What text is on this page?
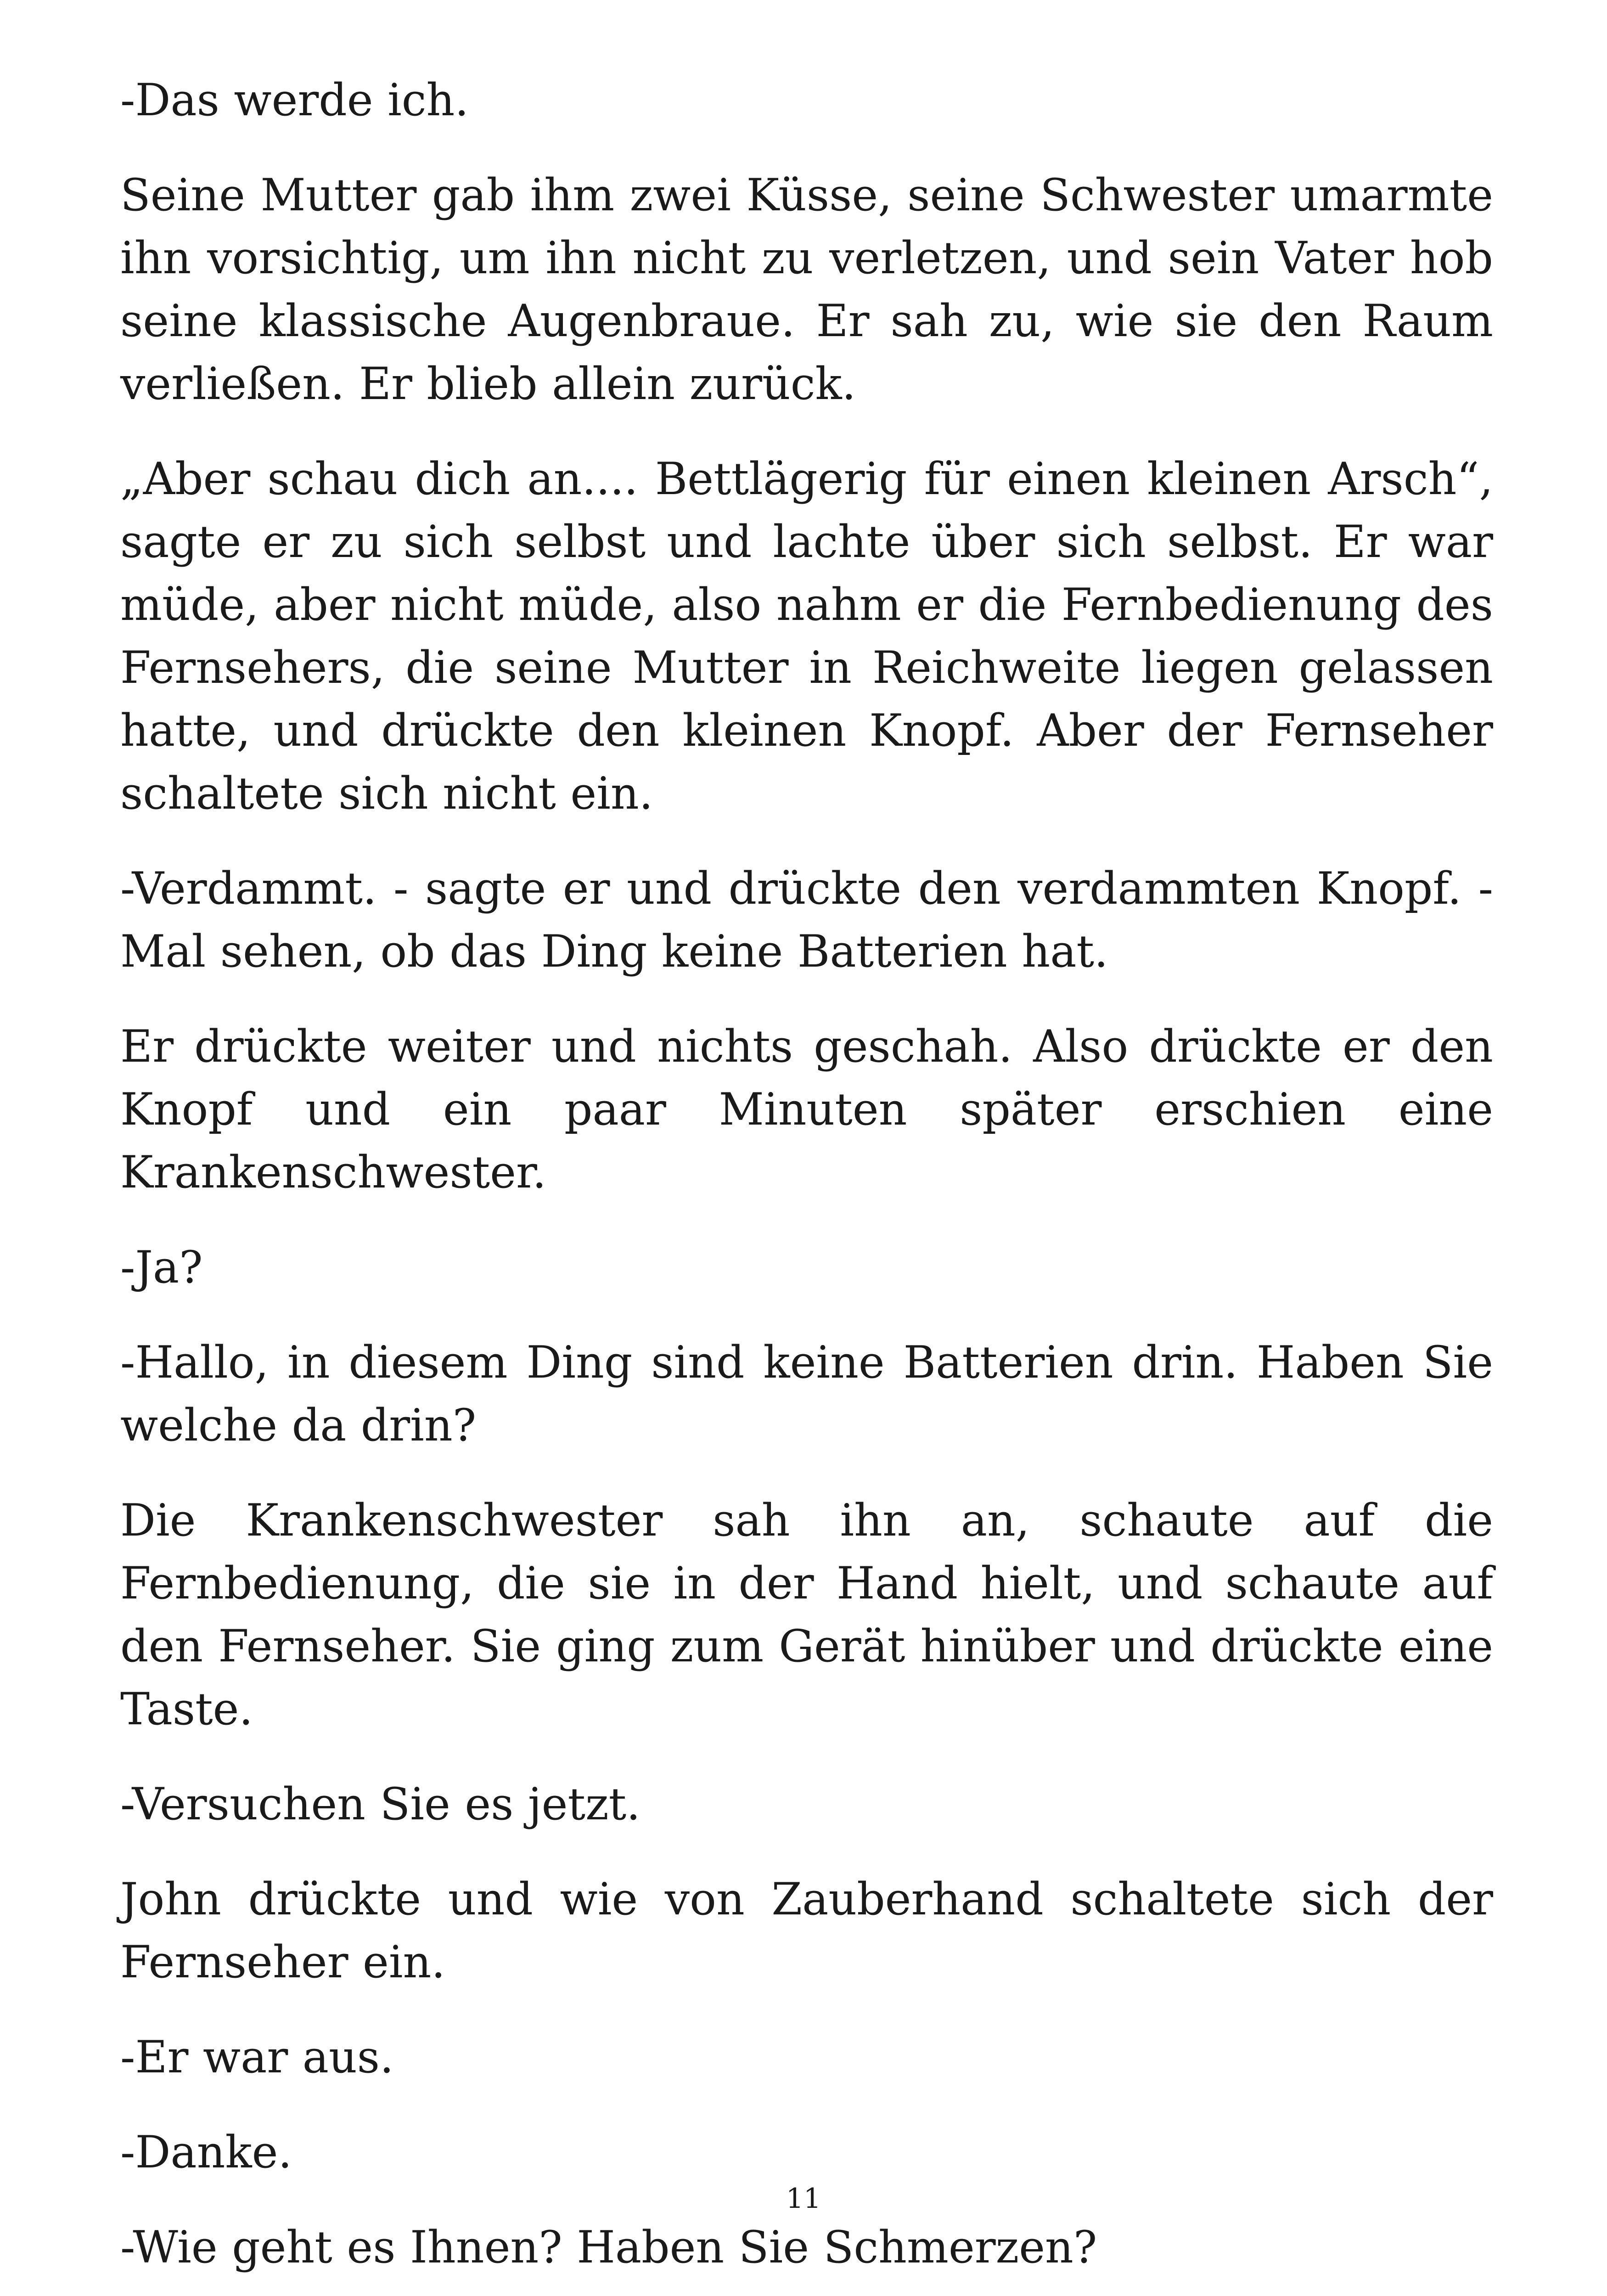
-Das werde ich.

Seine Mutter gab ihm zwei Küsse, seine Schwester umarmte ihn vorsichtig, um ihn nicht zu verletzen, und sein Vater hob seine klassische Augenbraue. Er sah zu, wie sie den Raum verließen. Er blieb allein zurück.

„Aber schau dich an.... Bettlägerig für einen kleinen Arsch“, sagte er zu sich selbst und lachte über sich selbst. Er war müde, aber nicht müde, also nahm er die Fernbedienung des Fernsehers, die seine Mutter in Reichweite liegen gelassen hatte, und drückte den kleinen Knopf. Aber der Fernseher schaltete sich nicht ein.

-Verdammt. - sagte er und drückte den verdammten Knopf. - Mal sehen, ob das Ding keine Batterien hat.

Er drückte weiter und nichts geschah. Also drückte er den Knopf und ein paar Minuten später erschien eine Krankenschwester.

-Ja?

-Hallo, in diesem Ding sind keine Batterien drin. Haben Sie welche da drin?

Die Krankenschwester sah ihn an, schaute auf die Fernbedienung, die sie in der Hand hielt, und schaute auf den Fernseher. Sie ging zum Gerät hinüber und drückte eine Taste.

-Versuchen Sie es jetzt.

John drückte und wie von Zauberhand schaltete sich der Fernseher ein.

-Er war aus.

-Danke.

-Wie geht es Ihnen? Haben Sie Schmerzen?

11
